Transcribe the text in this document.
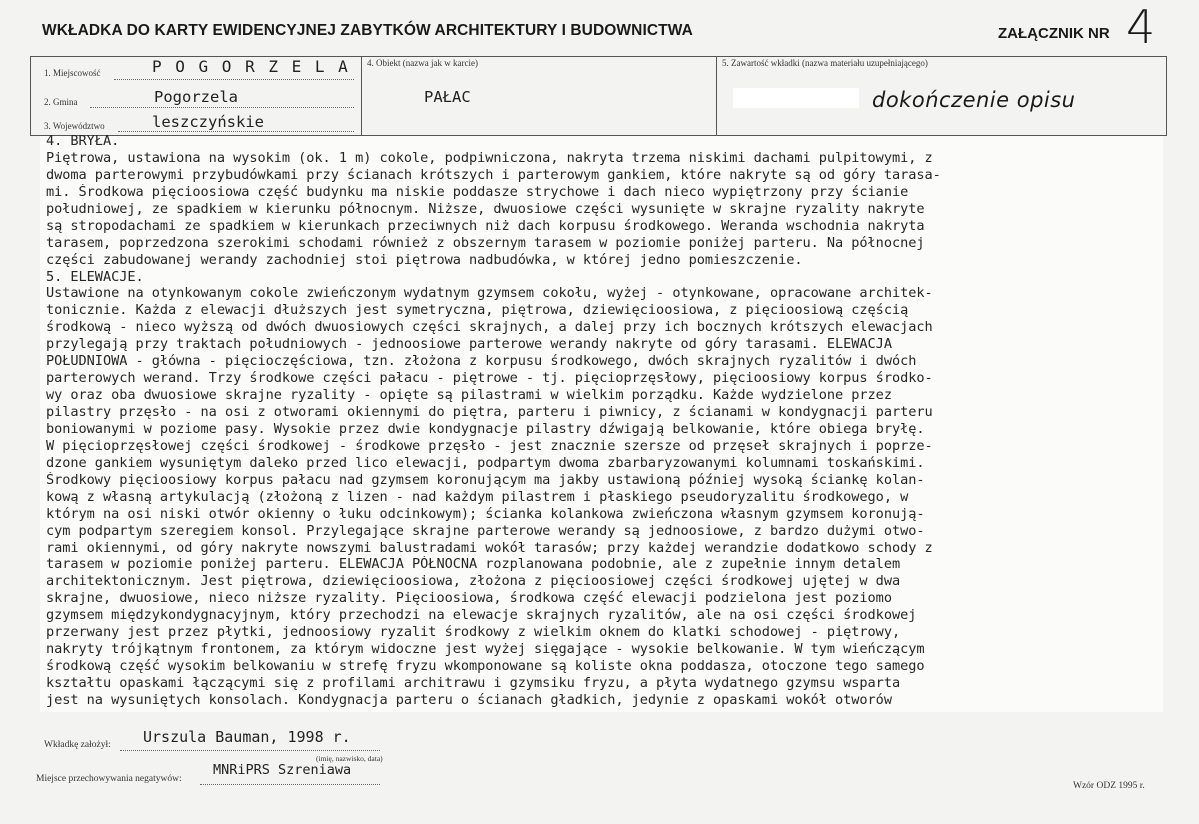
WKŁADKA DO KARTY EWIDENCYJNEJ ZABYTKÓW ARCHITEKTURY I BUDOWNICTWA	ZAŁĄCZNIK NR 4
1. Miejscowość	P O G O R Z E L A
2. Gmina	Pogorzela
3. Województwo	leszczyńskie
4. Obiekt (nazwa jak w karcie)
PAŁAC
5. Zawartość wkładki (nazwa materiału uzupełniającego)
dokończenie opisu
4. BRYŁA.
Piętrowa, ustawiona na wysokim (ok. 1 m) cokole, podpiwniczona, nakryta trzema niskimi dachami pulpitowymi, z
dwoma parterowymi przybudówkami przy ścianach krótszych i parterowym gankiem, które nakryte są od góry tarasa-
mi. Środkowa pięcioosiowa część budynku ma niskie poddasze strychowe i dach nieco wypiętrzony przy ścianie
południowej, ze spadkiem w kierunku północnym. Niższe, dwuosiowe części wysunięte w skrajne ryzality nakryte
są stropodachami ze spadkiem w kierunkach przeciwnych niż dach korpusu środkowego. Weranda wschodnia nakryta
tarasem, poprzedzona szerokimi schodami również z obszernym tarasem w poziomie poniżej parteru. Na północnej
części zabudowanej werandy zachodniej stoi piętrowa nadbudówka, w której jedno pomieszczenie.
5. ELEWACJE.
Ustawione na otynkowanym cokole zwieńczonym wydatnym gzymsem cokołu, wyżej - otynkowane, opracowane architek-
tonicznie. Każda z elewacji dłuższych jest symetryczna, piętrowa, dziewięcioosiowa, z pięcioosiową częścią
środkową - nieco wyższą od dwóch dwuosiowych części skrajnych, a dalej przy ich bocznych krótszych elewacjach
przylegają przy traktach południowych - jednoosiowe parterowe werandy nakryte od góry tarasami. ELEWACJA
POŁUDNIOWA - główna - pięcioczęściowa, tzn. złożona z korpusu środkowego, dwóch skrajnych ryzalitów i dwóch
parterowych werand. Trzy środkowe części pałacu - piętrowe - tj. pięcioprzęsłowy, pięcioosiowy korpus środko-
wy oraz oba dwuosiowe skrajne ryzality - opięte są pilastrami w wielkim porządku. Każde wydzielone przez
pilastry przęsło - na osi z otworami okiennymi do piętra, parteru i piwnicy, z ścianami w kondygnacji parteru
boniowanymi w poziome pasy. Wysokie przez dwie kondygnacje pilastry dźwigają belkowanie, które obiega bryłę.
W pięcioprzęsłowej części środkowej - środkowe przęsło - jest znacznie szersze od przęseł skrajnych i poprze-
dzone gankiem wysuniętym daleko przed lico elewacji, podpartym dwoma zbarbaryzowanymi kolumnami toskańskimi.
Środkowy pięcioosiowy korpus pałacu nad gzymsem koronującym ma jakby ustawioną później wysoką ściankę kolan-
kową z własną artykulacją (złożoną z lizen - nad każdym pilastrem i płaskiego pseudoryzalitu środkowego, w
którym na osi niski otwór okienny o łuku odcinkowym); ścianka kolankowa zwieńczona własnym gzymsem koronują-
cym podpartym szeregiem konsol. Przylegające skrajne parterowe werandy są jednoosiowe, z bardzo dużymi otwo-
rami okiennymi, od góry nakryte nowszymi balustradami wokół tarasów; przy każdej werandzie dodatkowo schody z
tarasem w poziomie poniżej parteru. ELEWACJA PÓŁNOCNA rozplanowana podobnie, ale z zupełnie innym detalem
architektonicznym. Jest piętrowa, dziewięcioosiowa, złożona z pięcioosiowej części środkowej ujętej w dwa
skrajne, dwuosiowe, nieco niższe ryzality. Pięcioosiowa, środkowa część elewacji podzielona jest poziomo
gzymsem międzykondygnacyjnym, który przechodzi na elewacje skrajnych ryzalitów, ale na osi części środkowej
przerwany jest przez płytki, jednoosiowy ryzalit środkowy z wielkim oknem do klatki schodowej - piętrowy,
nakryty trójkątnym frontonem, za którym widoczne jest wyżej sięgające - wysokie belkowanie. W tym wieńczącym
środkową część wysokim belkowaniu w strefę fryzu wkomponowane są koliste okna poddasza, otoczone tego samego
kształtu opaskami łączącymi się z profilami architrawu i gzymsiku fryzu, a płyta wydatnego gzymsu wsparta
jest na wysuniętych konsolach. Kondygnacja parteru o ścianach gładkich, jedynie z opaskami wokół otworów
Wkładkę założył: Urszula Bauman, 1998 r.
(imię, nazwisko, data)
Miejsce przechowywania negatywów:
MNRiPRS Szreniawa
Wzór ODZ 1995 r.
